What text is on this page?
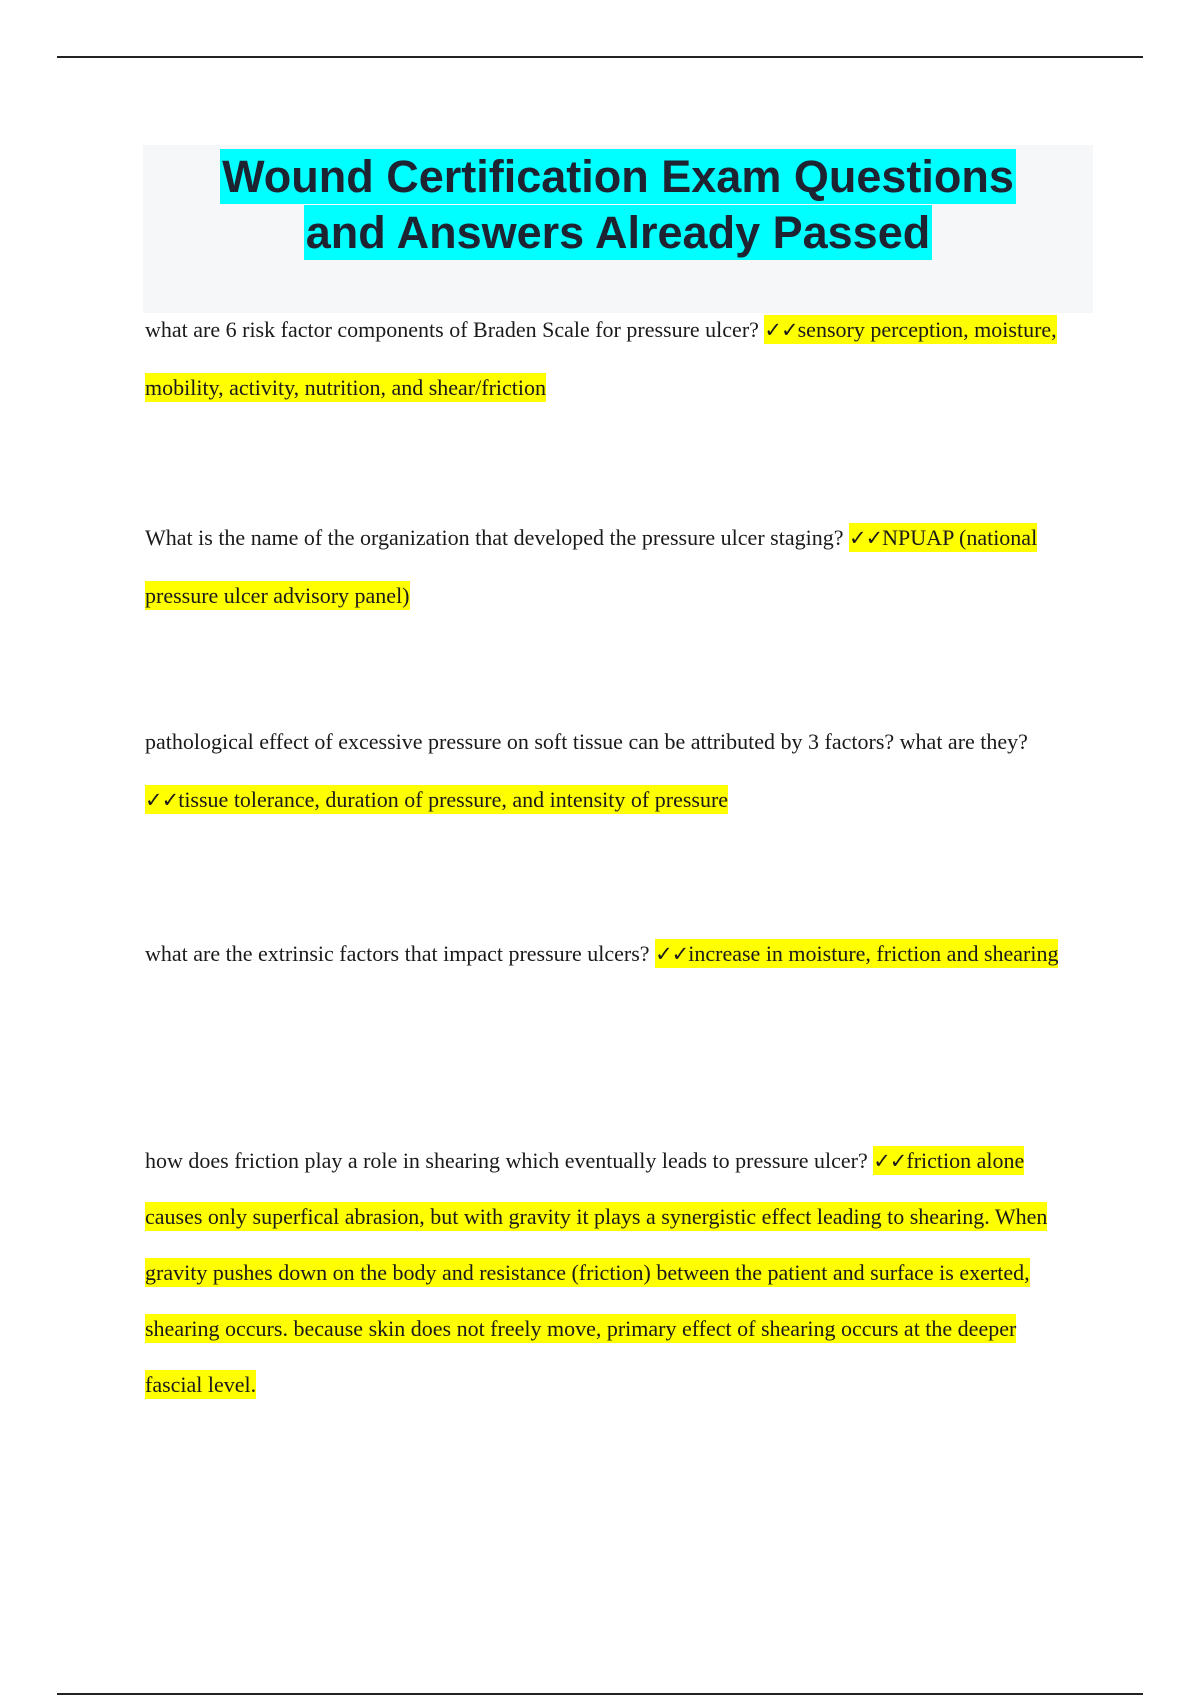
Wound Certification Exam Questions
and Answers Already Passed
what are 6 risk factor components of Braden Scale for pressure ulcer? ✓✓sensory perception, moisture, mobility, activity, nutrition, and shear/friction
What is the name of the organization that developed the pressure ulcer staging? ✓✓NPUAP (national pressure ulcer advisory panel)
pathological effect of excessive pressure on soft tissue can be attributed by 3 factors? what are they? ✓✓tissue tolerance, duration of pressure, and intensity of pressure
what are the extrinsic factors that impact pressure ulcers? ✓✓increase in moisture, friction and shearing
how does friction play a role in shearing which eventually leads to pressure ulcer? ✓✓friction alone causes only superfical abrasion, but with gravity it plays a synergistic effect leading to shearing. When gravity pushes down on the body and resistance (friction) between the patient and surface is exerted, shearing occurs. because skin does not freely move, primary effect of shearing occurs at the deeper fascial level.
